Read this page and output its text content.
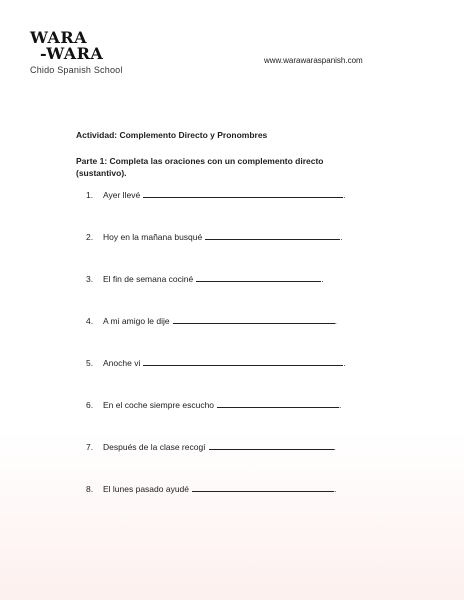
WARA
-WARA
Chido Spanish School
www.warawaraspanish.com
Actividad: Complemento Directo y Pronombres
Parte 1: Completa las oraciones con un complemento directo (sustantivo).
1. Ayer llevé	.
2. Hoy en la mañana busqué	.
3. El fin de semana cociné	.
4. A mi amigo le dije	.
5. Anoche vi	.
6. En el coche siempre escucho	.
7. Después de la clase recogí	.
8. El lunes pasado ayudé	.
